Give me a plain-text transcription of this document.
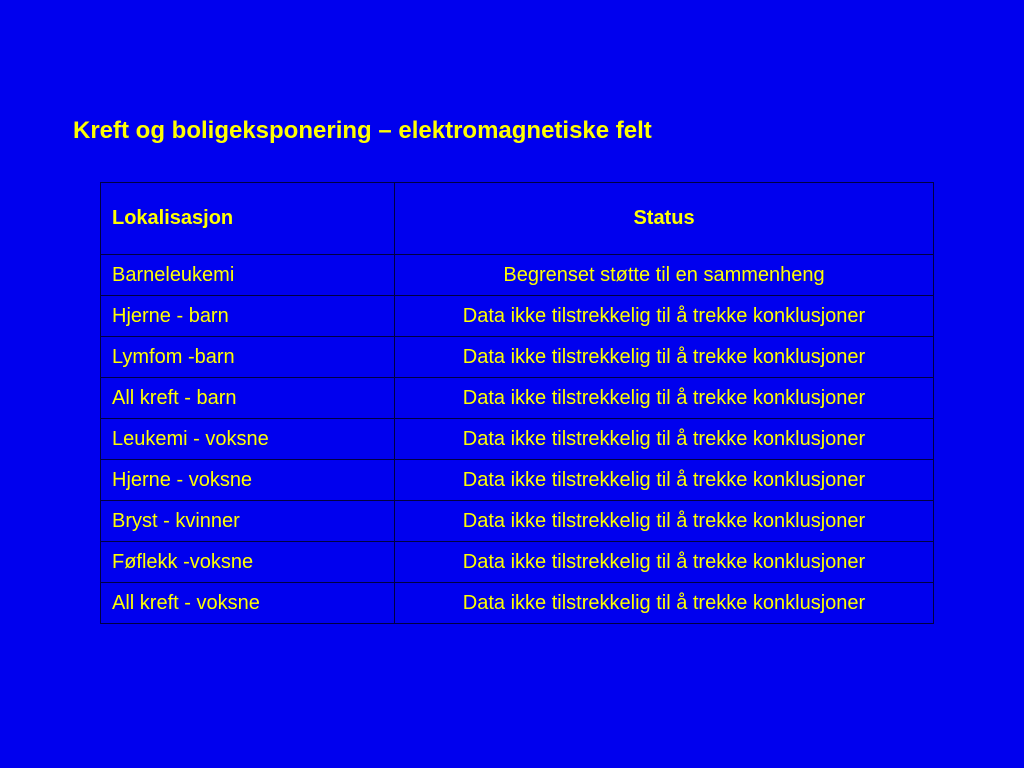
Kreft og boligeksponering – elektromagnetiske felt
Lokalisasjon	Status
Barneleukemi	Begrenset støtte til en sammenheng
Hjerne - barn	Data ikke tilstrekkelig til å trekke konklusjoner
Lymfom -barn	Data ikke tilstrekkelig til å trekke konklusjoner
All kreft - barn	Data ikke tilstrekkelig til å trekke konklusjoner
Leukemi - voksne	Data ikke tilstrekkelig til å trekke konklusjoner
Hjerne - voksne	Data ikke tilstrekkelig til å trekke konklusjoner
Bryst - kvinner	Data ikke tilstrekkelig til å trekke konklusjoner
Føflekk -voksne	Data ikke tilstrekkelig til å trekke konklusjoner
All kreft - voksne	Data ikke tilstrekkelig til å trekke konklusjoner
